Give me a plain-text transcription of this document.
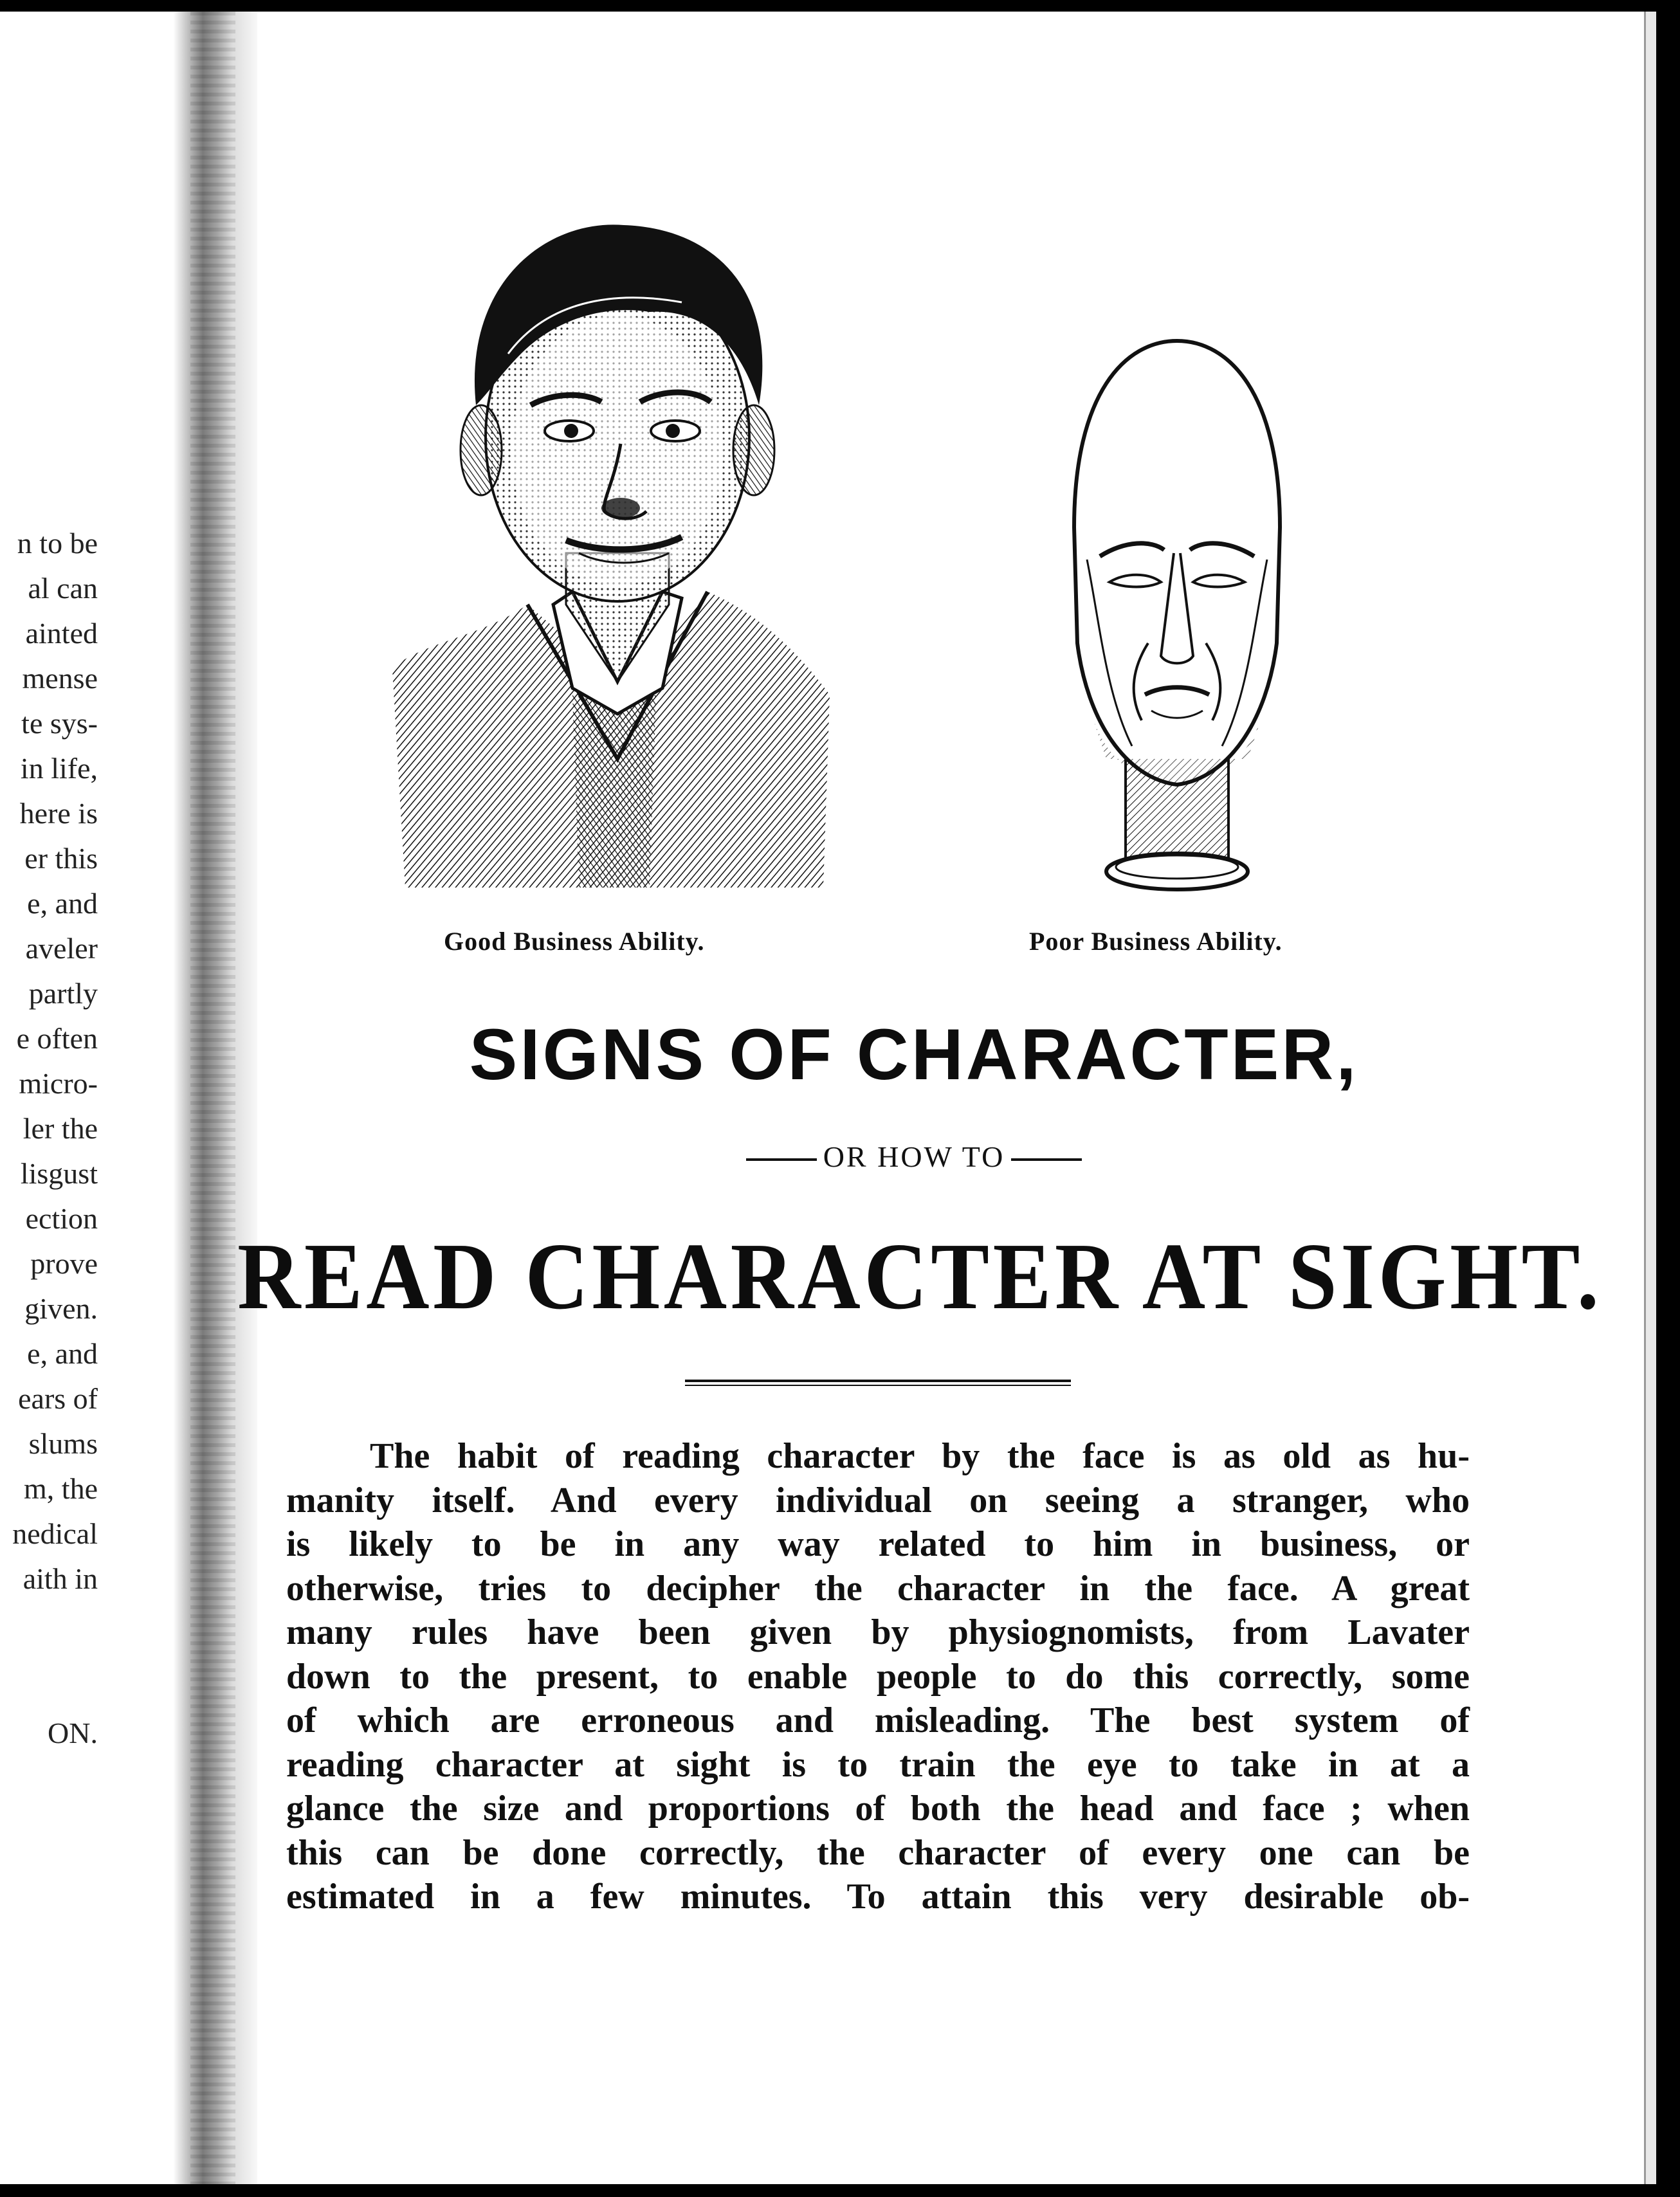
n to be
al can
ainted
mense
te sys-
in life,
here is
er this
e, and
aveler
partly
e often
micro-
ler the
lisgust
ection
prove
given.
e, and
ears of
slums
m, the
nedical
aith in
ON.
Good Business Ability.	Poor Business Ability.
SIGNS OF CHARACTER,
OR HOW TO
READ CHARACTER AT SIGHT.
The habit of reading character by the face is as old as hu-
manity itself. And every individual on seeing a stranger, who
is likely to be in any way related to him in business, or
otherwise, tries to decipher the character in the face. A great
many rules have been given by physiognomists, from Lavater
down to the present, to enable people to do this correctly, some
of which are erroneous and misleading. The best system of
reading character at sight is to train the eye to take in at a
glance the size and proportions of both the head and face ; when
this can be done correctly, the character of every one can be
estimated in a few minutes. To attain this very desirable ob-
